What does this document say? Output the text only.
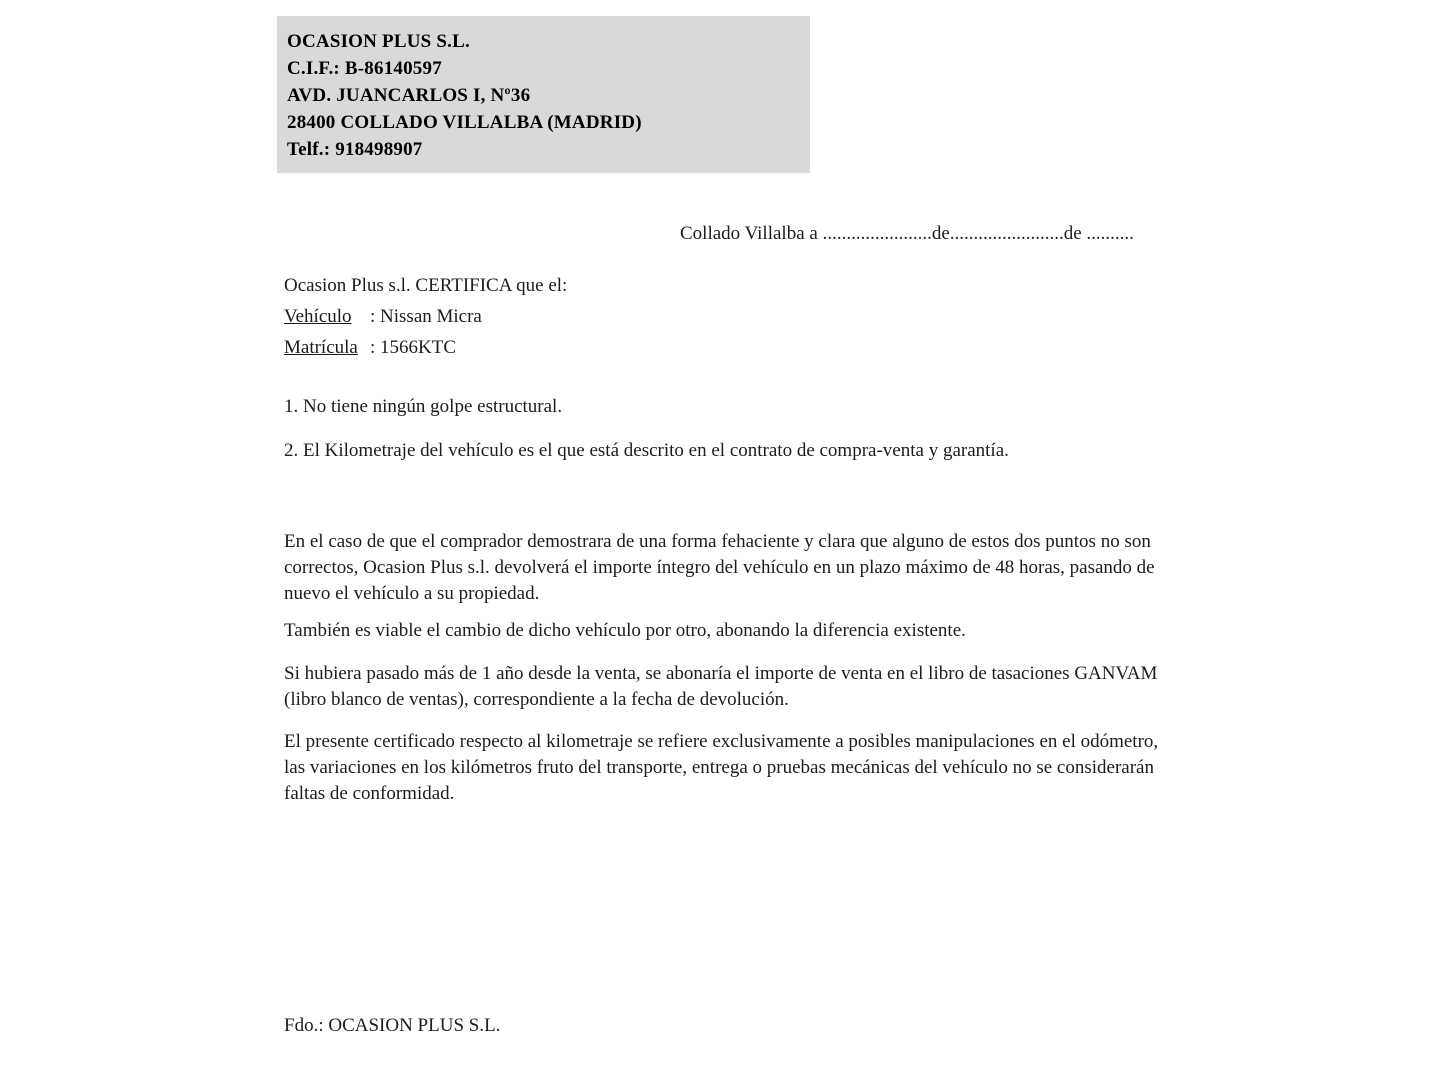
OCASION PLUS S.L.
C.I.F.: B-86140597
AVD. JUANCARLOS I, Nº36
28400 COLLADO VILLALBA (MADRID)
Telf.: 918498907
Collado Villalba a .......................de........................de ..........
Ocasion Plus s.l. CERTIFICA que el:
Vehículo : Nissan Micra
Matrícula : 1566KTC
1. No tiene ningún golpe estructural.
2. El Kilometraje del vehículo es el que está descrito en el contrato de compra-venta y garantía.
En el caso de que el comprador demostrara de una forma fehaciente y clara que alguno de estos dos puntos no son correctos, Ocasion Plus s.l. devolverá el importe íntegro del vehículo en un plazo máximo de 48 horas, pasando de nuevo el vehículo a su propiedad.
También es viable el cambio de dicho vehículo por otro, abonando la diferencia existente.
Si hubiera pasado más de 1 año desde la venta, se abonaría el importe de venta en el libro de tasaciones GANVAM (libro blanco de ventas), correspondiente a la fecha de devolución.
El presente certificado respecto al kilometraje se refiere exclusivamente a posibles manipulaciones en el odómetro, las variaciones en los kilómetros fruto del transporte, entrega o pruebas mecánicas del vehículo no se considerarán faltas de conformidad.
Fdo.: OCASION PLUS S.L.
